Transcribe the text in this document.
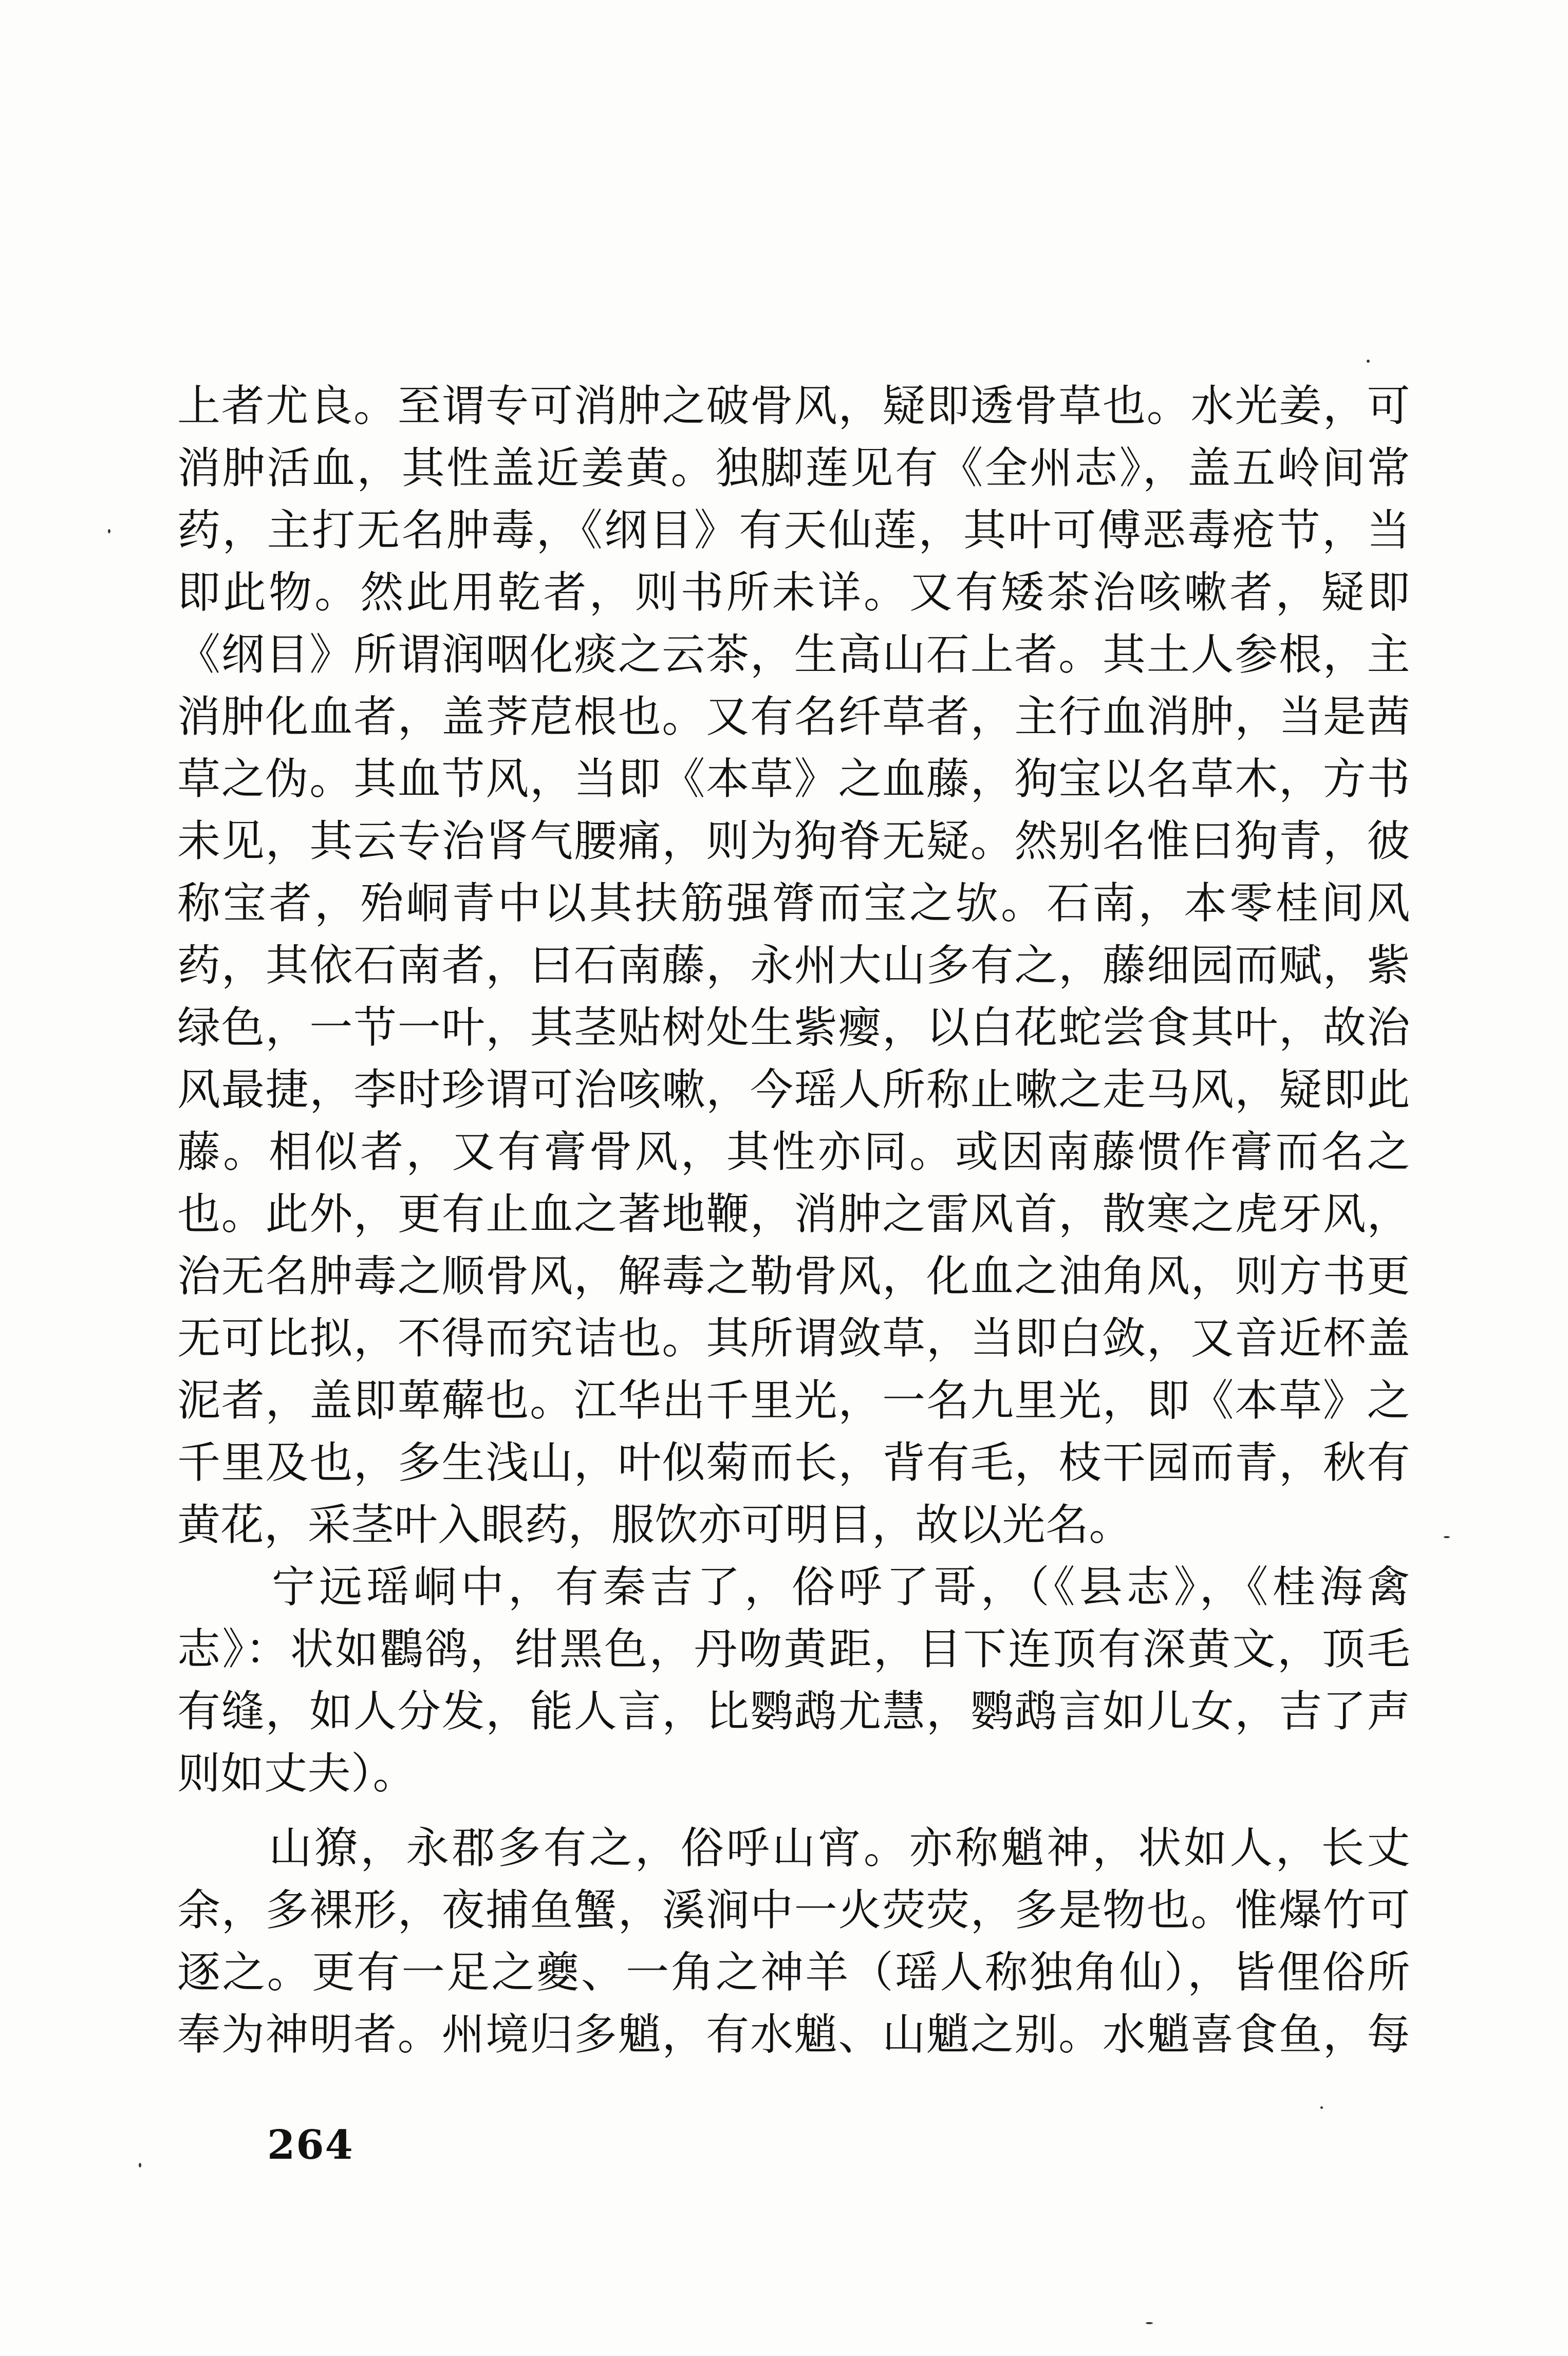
上者尤良。至谓专可消肿之破骨风，疑即透骨草也。水光姜，可
消肿活血，其性盖近姜黄。独脚莲见有《全州志》，盖五岭间常
药，主打无名肿毒，《纲目》有天仙莲，其叶可傅恶毒疮节，当
即此物。然此用乾者，则书所未详。又有矮茶治咳嗽者，疑即
《纲目》所谓润咽化痰之云茶，生高山石上者。其土人参根，主
消肿化血者，盖荠苨根也。又有名纤草者，主行血消肿，当是茜
草之伪。其血节风，当即《本草》之血藤，狗宝以名草木，方书
未见，其云专治肾气腰痛，则为狗脊无疑。然别名惟曰狗青，彼
称宝者，殆峒青中以其扶筋强膂而宝之欤。石南，本零桂间风
药，其依石南者，曰石南藤，永州大山多有之，藤细园而赋，紫
绿色，一节一叶，其茎贴树处生紫瘿，以白花蛇尝食其叶，故治
风最捷，李时珍谓可治咳嗽，今瑶人所称止嗽之走马风，疑即此
藤。相似者，又有膏骨风，其性亦同。或因南藤惯作膏而名之
也。此外，更有止血之著地鞭，消肿之雷风首，散寒之虎牙风，
治无名肿毒之顺骨风，解毒之勒骨风，化血之油角风，则方书更
无可比拟，不得而究诘也。其所谓敛草，当即白敛，又音近杯盖
泥者，盖即萆薢也。江华出千里光，一名九里光，即《本草》之
千里及也，多生浅山，叶似菊而长，背有毛，枝干园而青，秋有
黄花，采茎叶入眼药，服饮亦可明目，故以光名。
　　宁远瑶峒中，有秦吉了，俗呼了哥，（《县志》，《桂海禽
志》：状如鸜鹆，绀黑色，丹吻黄距，目下连顶有深黄文，顶毛
有缝，如人分发，能人言，比鹦鹉尤慧，鹦鹉言如儿女，吉了声
则如丈夫）。
　　山獠，永郡多有之，俗呼山宵。亦称魈神，状如人，长丈
余，多裸形，夜捕鱼蟹，溪涧中一火荧荧，多是物也。惟爆竹可
逐之。更有一足之夔、一角之神羊（瑶人称独角仙），皆俚俗所
奉为神明者。州境归多魈，有水魈、山魈之别。水魈喜食鱼，每
264
